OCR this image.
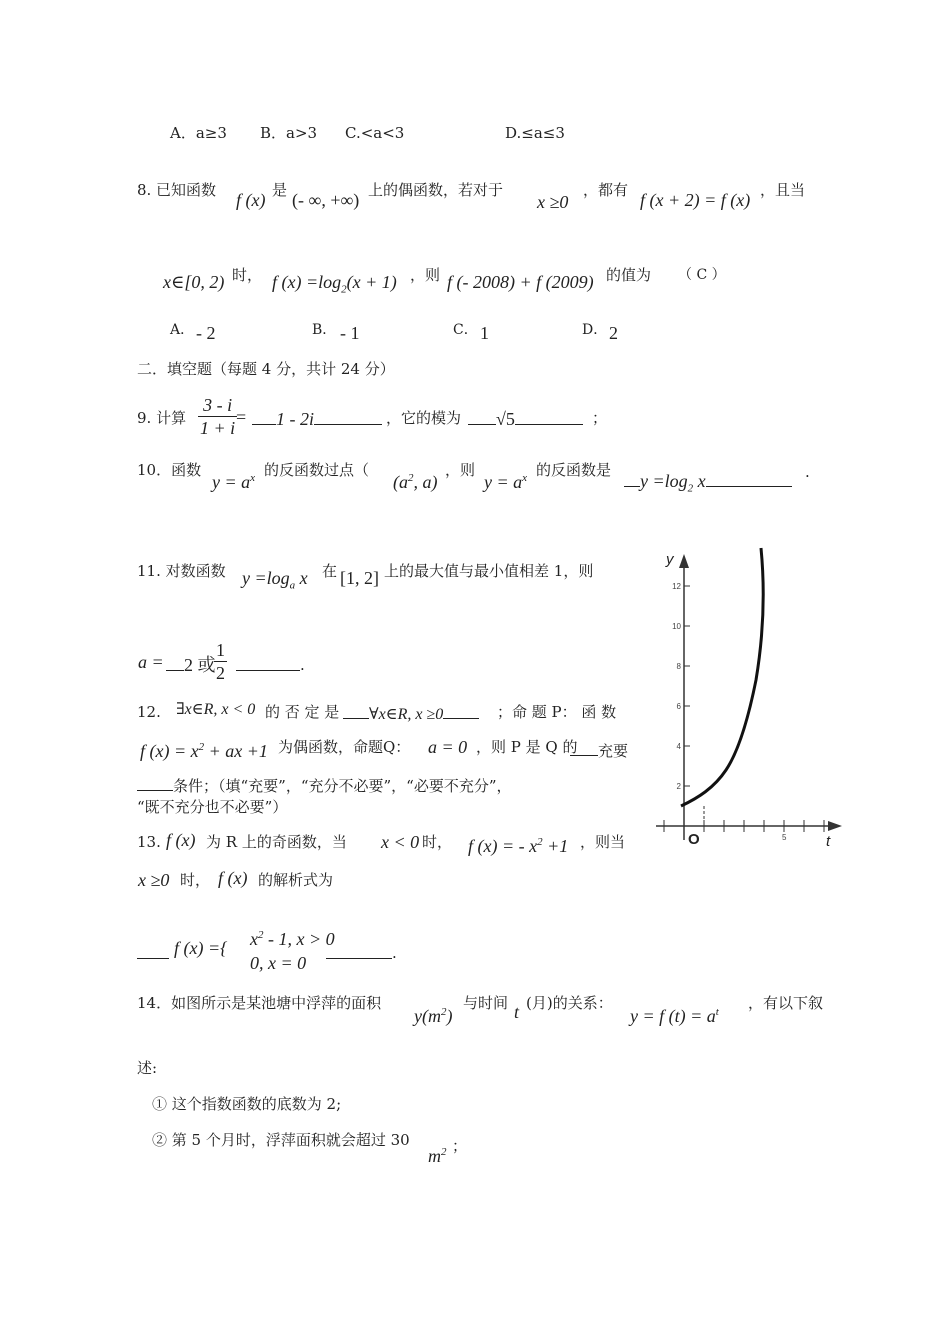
A．a≥3 B．a>3 C.<a<3	D.≤a≤3
8. 已知函数 f (x) 是 (- ∞, +∞) 上的偶函数，若对于
x ≥0
，都有 f (x + 2) = f (x) ，且当
x∈[0, 2) 时， f $(x) =\log_2(x + 1)$ ，则 f (- 2008) + f (2009) 的值为 （ C ）
A． - 2	B． - 1	C． 1	D． 2
二．填空题（每题 4 分，共计 24 分）
9. 计算 $\frac{3 - i}{1 + i}$
=	1 - 2i	，它的模为	√5	；
10．函数
$y = a^x$ 的反函数过点（
($a^2$, a)
，则
$y = a^x$ 的反函数是
$y =\log_2$ x	.
11. 对数函数 $y =\log_a$ x 在 [1, 2] 上的最大值与最小值相差 1，则
a =	2 或
$\frac{1}{2}$	.
12. ∃x∈R, x < 0 的 否 定 是	∀x∈R, x ≥0	；命 题 P： 函 数
f $(x) = x^2$ + ax +1 为偶函数，命题Q： a = 0 ，则 P 是 Q 的	充要
条件；（填“充要”，“充分不必要”，“必要不充分”，
“既不充分也不必要”）
13. f (x) 为 R 上的奇函数，当 x < 0 时， f (x) = - $x^2 +1$ ，则当
x ≥0 时， f (x) 的解析式为
f (x) ={ $x^2 - 1$, x > 0
0, x = 0	.
14．如图所示是某池塘中浮萍的面积
$y(m^2)$
与时间 t (月)的关系：
y = f $(t) = a^t$ ，有以下叙
述:
① 这个指数函数的底数为 2;
② 第 5 个月时，浮萍面积就会超过 30
$m^2$ ；
2
4
6
8
10
12
y
t
O	5
